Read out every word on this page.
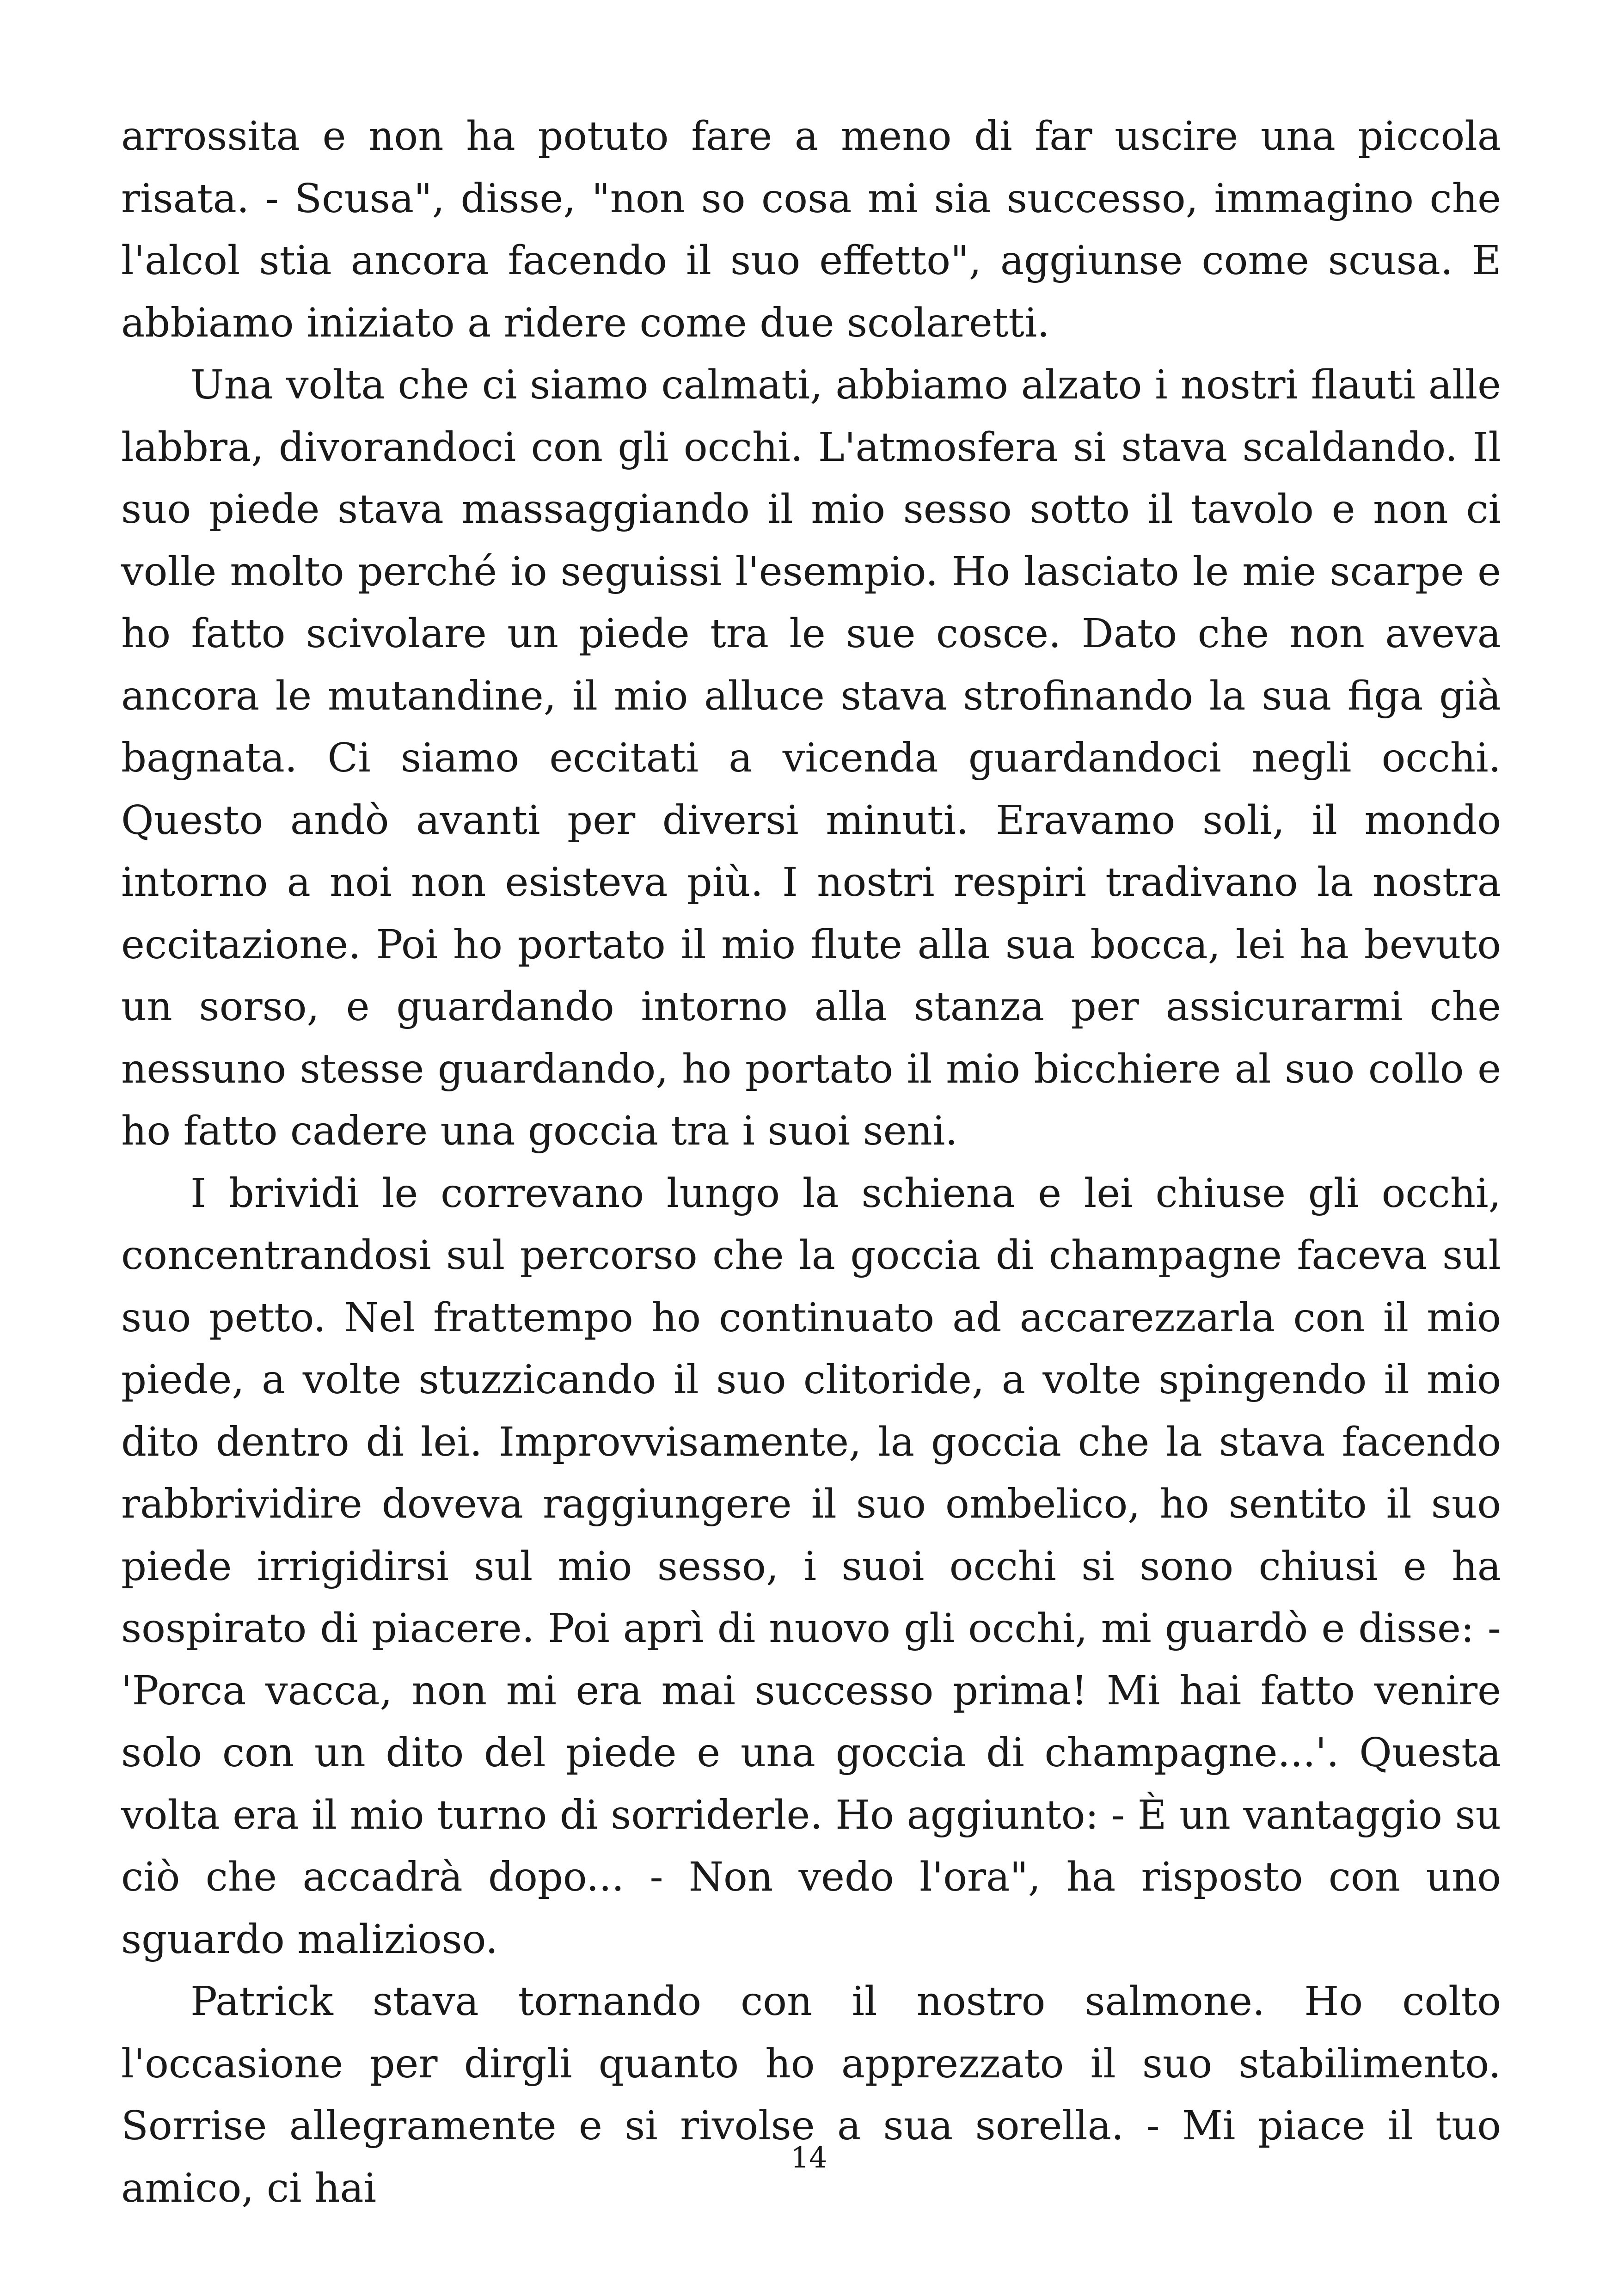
arrossita e non ha potuto fare a meno di far uscire una piccola risata. - Scusa", disse, "non so cosa mi sia successo, immagino che l'alcol stia ancora facendo il suo effetto", aggiunse come scusa. E abbiamo iniziato a ridere come due scolaretti.

Una volta che ci siamo calmati, abbiamo alzato i nostri flauti alle labbra, divorandoci con gli occhi. L'atmosfera si stava scaldando. Il suo piede stava massaggiando il mio sesso sotto il tavolo e non ci volle molto perché io seguissi l'esempio. Ho lasciato le mie scarpe e ho fatto scivolare un piede tra le sue cosce. Dato che non aveva ancora le mutandine, il mio alluce stava strofinando la sua figa già bagnata. Ci siamo eccitati a vicenda guardandoci negli occhi. Questo andò avanti per diversi minuti. Eravamo soli, il mondo intorno a noi non esisteva più. I nostri respiri tradivano la nostra eccitazione. Poi ho portato il mio flute alla sua bocca, lei ha bevuto un sorso, e guardando intorno alla stanza per assicurarmi che nessuno stesse guardando, ho portato il mio bicchiere al suo collo e ho fatto cadere una goccia tra i suoi seni.

I brividi le correvano lungo la schiena e lei chiuse gli occhi, concentrandosi sul percorso che la goccia di champagne faceva sul suo petto. Nel frattempo ho continuato ad accarezzarla con il mio piede, a volte stuzzicando il suo clitoride, a volte spingendo il mio dito dentro di lei. Improvvisamente, la goccia che la stava facendo rabbrividire doveva raggiungere il suo ombelico, ho sentito il suo piede irrigidirsi sul mio sesso, i suoi occhi si sono chiusi e ha sospirato di piacere. Poi aprì di nuovo gli occhi, mi guardò e disse: - 'Porca vacca, non mi era mai successo prima! Mi hai fatto venire solo con un dito del piede e una goccia di champagne...'. Questa volta era il mio turno di sorriderle. Ho aggiunto: - È un vantaggio su ciò che accadrà dopo... - Non vedo l'ora", ha risposto con uno sguardo malizioso.

Patrick stava tornando con il nostro salmone. Ho colto l'occasione per dirgli quanto ho apprezzato il suo stabilimento. Sorrise allegramente e si rivolse a sua sorella. - Mi piace il tuo amico, ci hai

14
